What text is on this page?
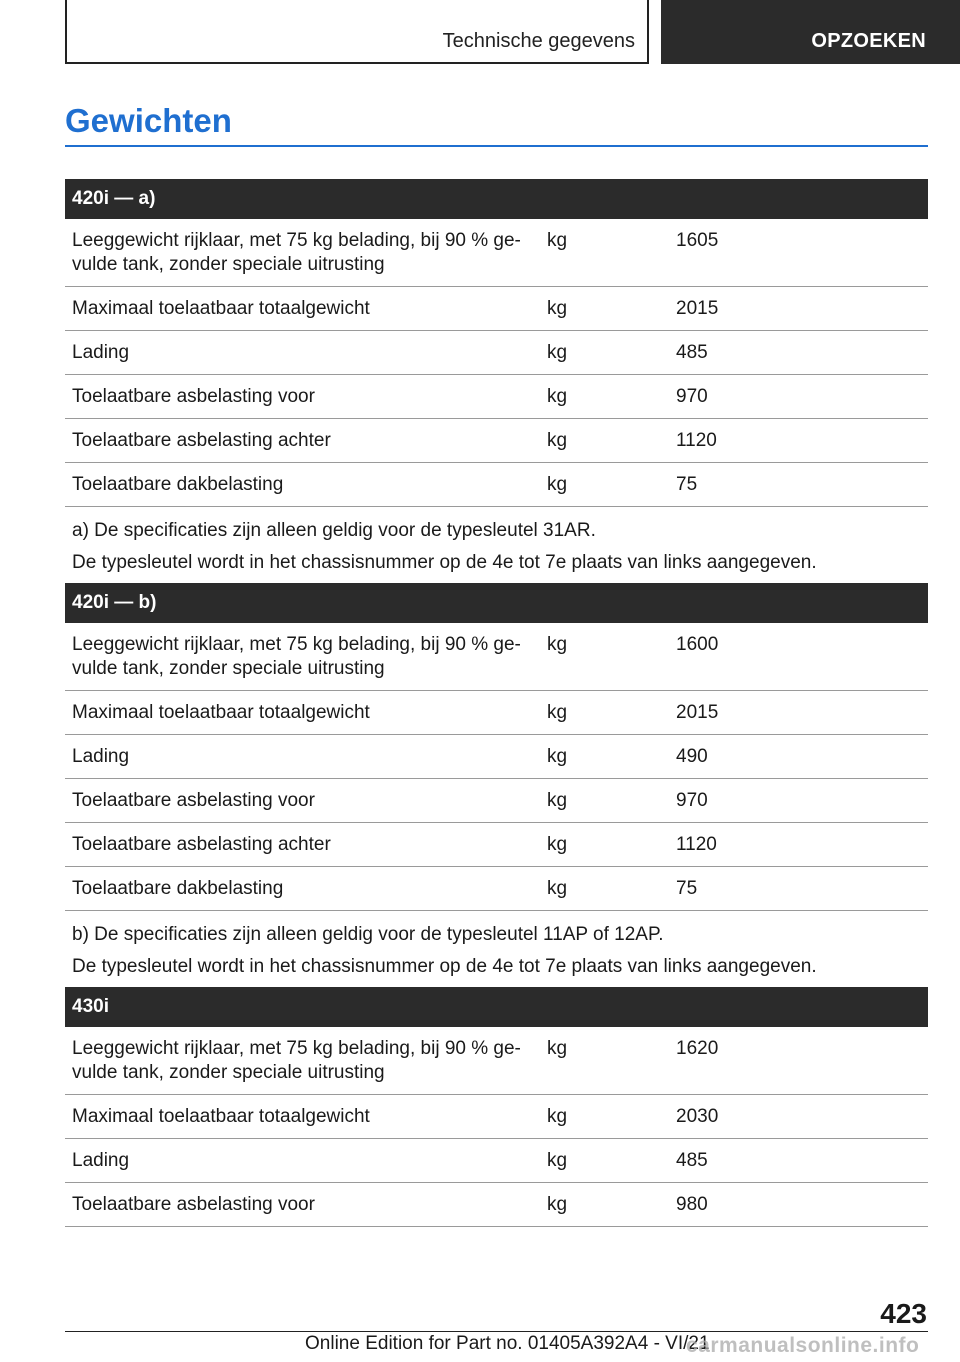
Technische gegevens	OPZOEKEN
Gewichten
420i — a)		
Leeggewicht rijklaar, met 75 kg belading, bij 90 % ge-
vulde tank, zonder speciale uitrusting	kg	1605
Maximaal toelaatbaar totaalgewicht	kg	2015
Lading	kg	485
Toelaatbare asbelasting voor	kg	970
Toelaatbare asbelasting achter	kg	1120
Toelaatbare dakbelasting	kg	75

a) De specificaties zijn alleen geldig voor de typesleutel 31AR.
De typesleutel wordt in het chassisnummer op de 4e tot 7e plaats van links aangegeven.		
420i — b)		
Leeggewicht rijklaar, met 75 kg belading, bij 90 % ge-
vulde tank, zonder speciale uitrusting	kg	1600
Maximaal toelaatbaar totaalgewicht	kg	2015
Lading	kg	490
Toelaatbare asbelasting voor	kg	970
Toelaatbare asbelasting achter	kg	1120
Toelaatbare dakbelasting	kg	75

b) De specificaties zijn alleen geldig voor de typesleutel 11AP of 12AP.
De typesleutel wordt in het chassisnummer op de 4e tot 7e plaats van links aangegeven.		
430i		
Leeggewicht rijklaar, met 75 kg belading, bij 90 % ge-
vulde tank, zonder speciale uitrusting	kg	1620
Maximaal toelaatbaar totaalgewicht	kg	2030
Lading	kg	485
Toelaatbare asbelasting voor	kg	980
423
Online Edition for Part no. 01405A392A4 - VI/21
carmanualsonline.info
